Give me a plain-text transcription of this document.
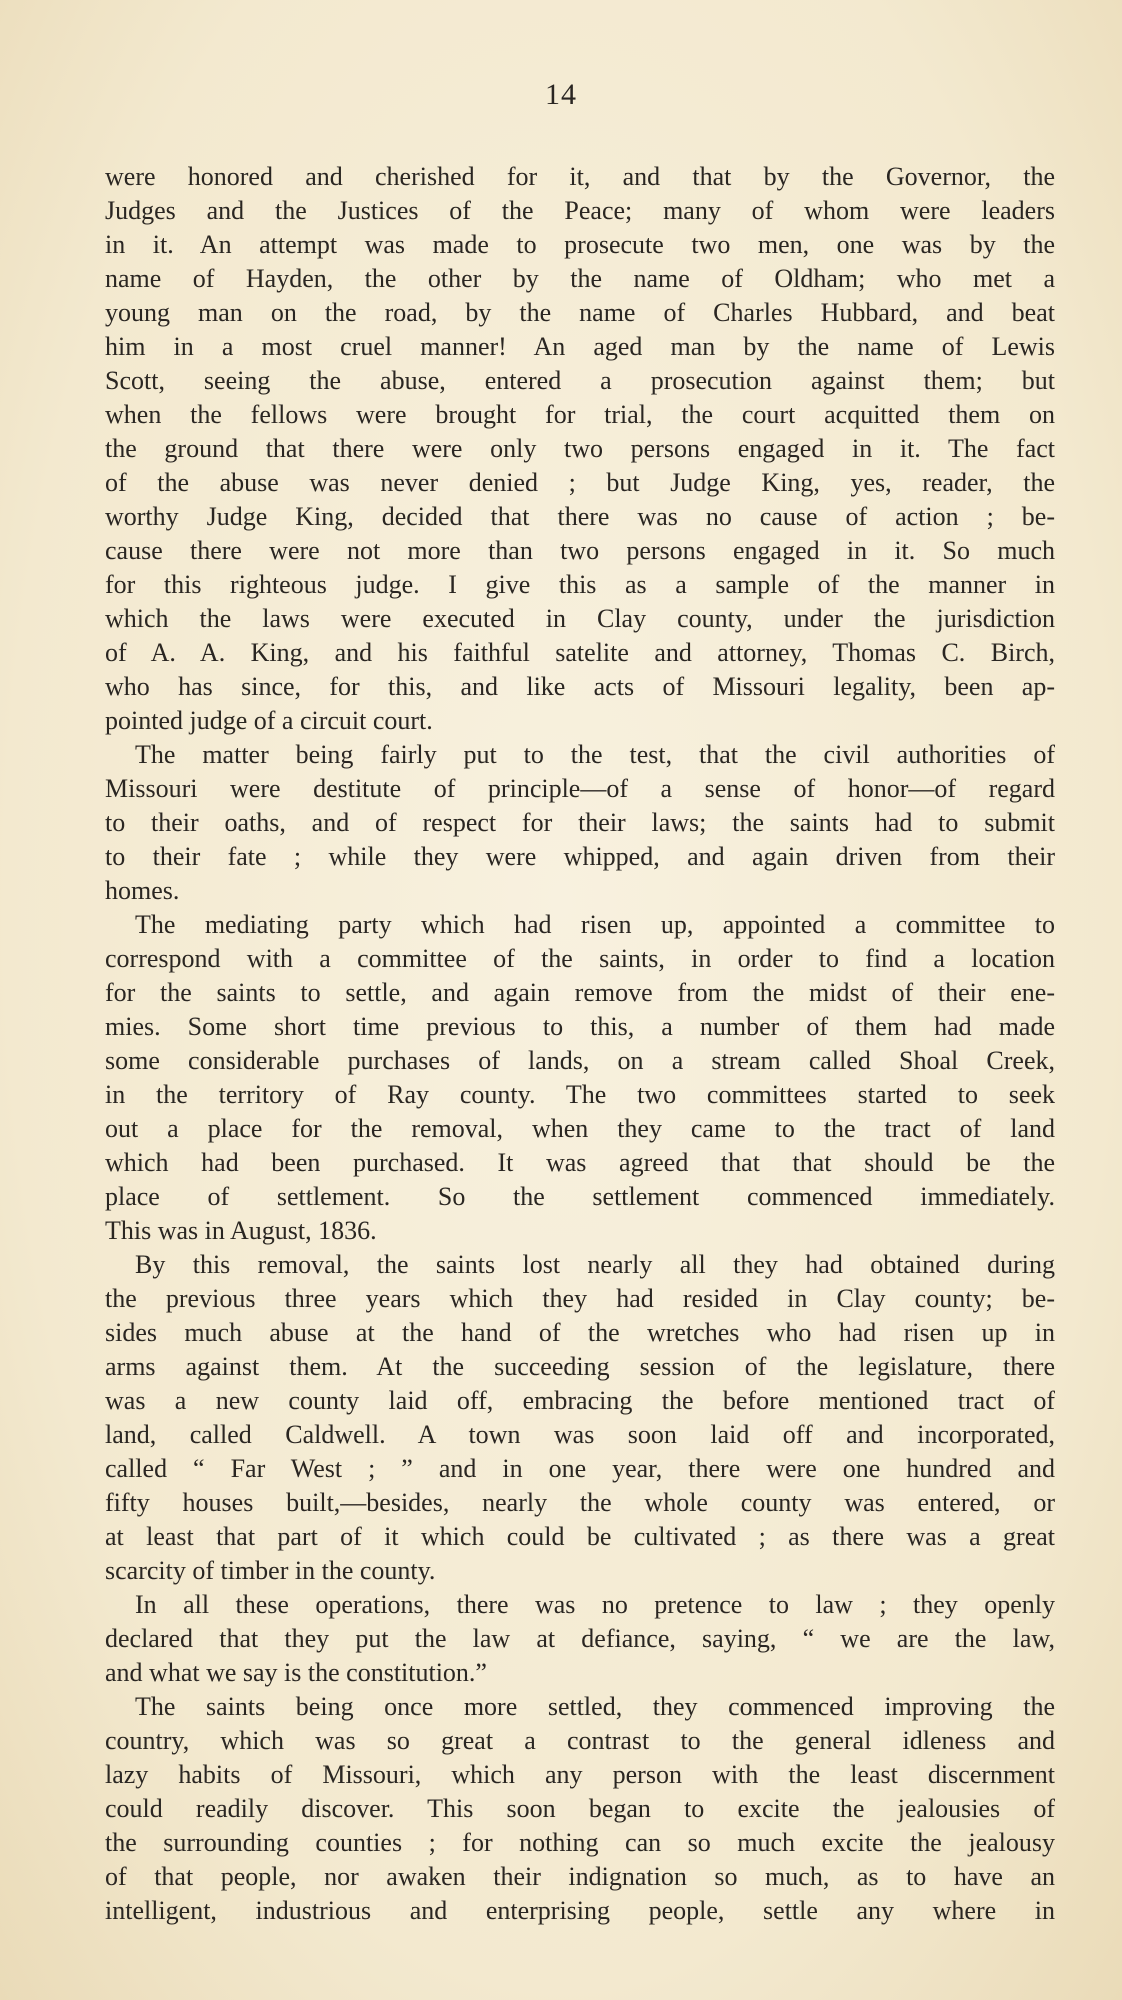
14
were honored and cherished for it, and that by the Governor, the
Judges and the Justices of the Peace; many of whom were leaders
in it. An attempt was made to prosecute two men, one was by the
name of Hayden, the other by the name of Oldham; who met a
young man on the road, by the name of Charles Hubbard, and beat
him in a most cruel manner! An aged man by the name of Lewis
Scott, seeing the abuse, entered a prosecution against them; but
when the fellows were brought for trial, the court acquitted them on
the ground that there were only two persons engaged in it. The fact
of the abuse was never denied ; but Judge King, yes, reader, the
worthy Judge King, decided that there was no cause of action ; be-
cause there were not more than two persons engaged in it. So much
for this righteous judge. I give this as a sample of the manner in
which the laws were executed in Clay county, under the jurisdiction
of A. A. King, and his faithful satelite and attorney, Thomas C. Birch,
who has since, for this, and like acts of Missouri legality, been ap-
pointed judge of a circuit court.
The matter being fairly put to the test, that the civil authorities of
Missouri were destitute of principle—of a sense of honor—of regard
to their oaths, and of respect for their laws; the saints had to submit
to their fate ; while they were whipped, and again driven from their
homes.
The mediating party which had risen up, appointed a committee to
correspond with a committee of the saints, in order to find a location
for the saints to settle, and again remove from the midst of their ene-
mies. Some short time previous to this, a number of them had made
some considerable purchases of lands, on a stream called Shoal Creek,
in the territory of Ray county. The two committees started to seek
out a place for the removal, when they came to the tract of land
which had been purchased. It was agreed that that should be the
place of settlement. So the settlement commenced immediately.
This was in August, 1836.
By this removal, the saints lost nearly all they had obtained during
the previous three years which they had resided in Clay county; be-
sides much abuse at the hand of the wretches who had risen up in
arms against them. At the succeeding session of the legislature, there
was a new county laid off, embracing the before mentioned tract of
land, called Caldwell. A town was soon laid off and incorporated,
called “ Far West ; ” and in one year, there were one hundred and
fifty houses built,—besides, nearly the whole county was entered, or
at least that part of it which could be cultivated ; as there was a great
scarcity of timber in the county.
In all these operations, there was no pretence to law ; they openly
declared that they put the law at defiance, saying, “ we are the law,
and what we say is the constitution.”
The saints being once more settled, they commenced improving the
country, which was so great a contrast to the general idleness and
lazy habits of Missouri, which any person with the least discernment
could readily discover. This soon began to excite the jealousies of
the surrounding counties ; for nothing can so much excite the jealousy
of that people, nor awaken their indignation so much, as to have an
intelligent, industrious and enterprising people, settle any where in
